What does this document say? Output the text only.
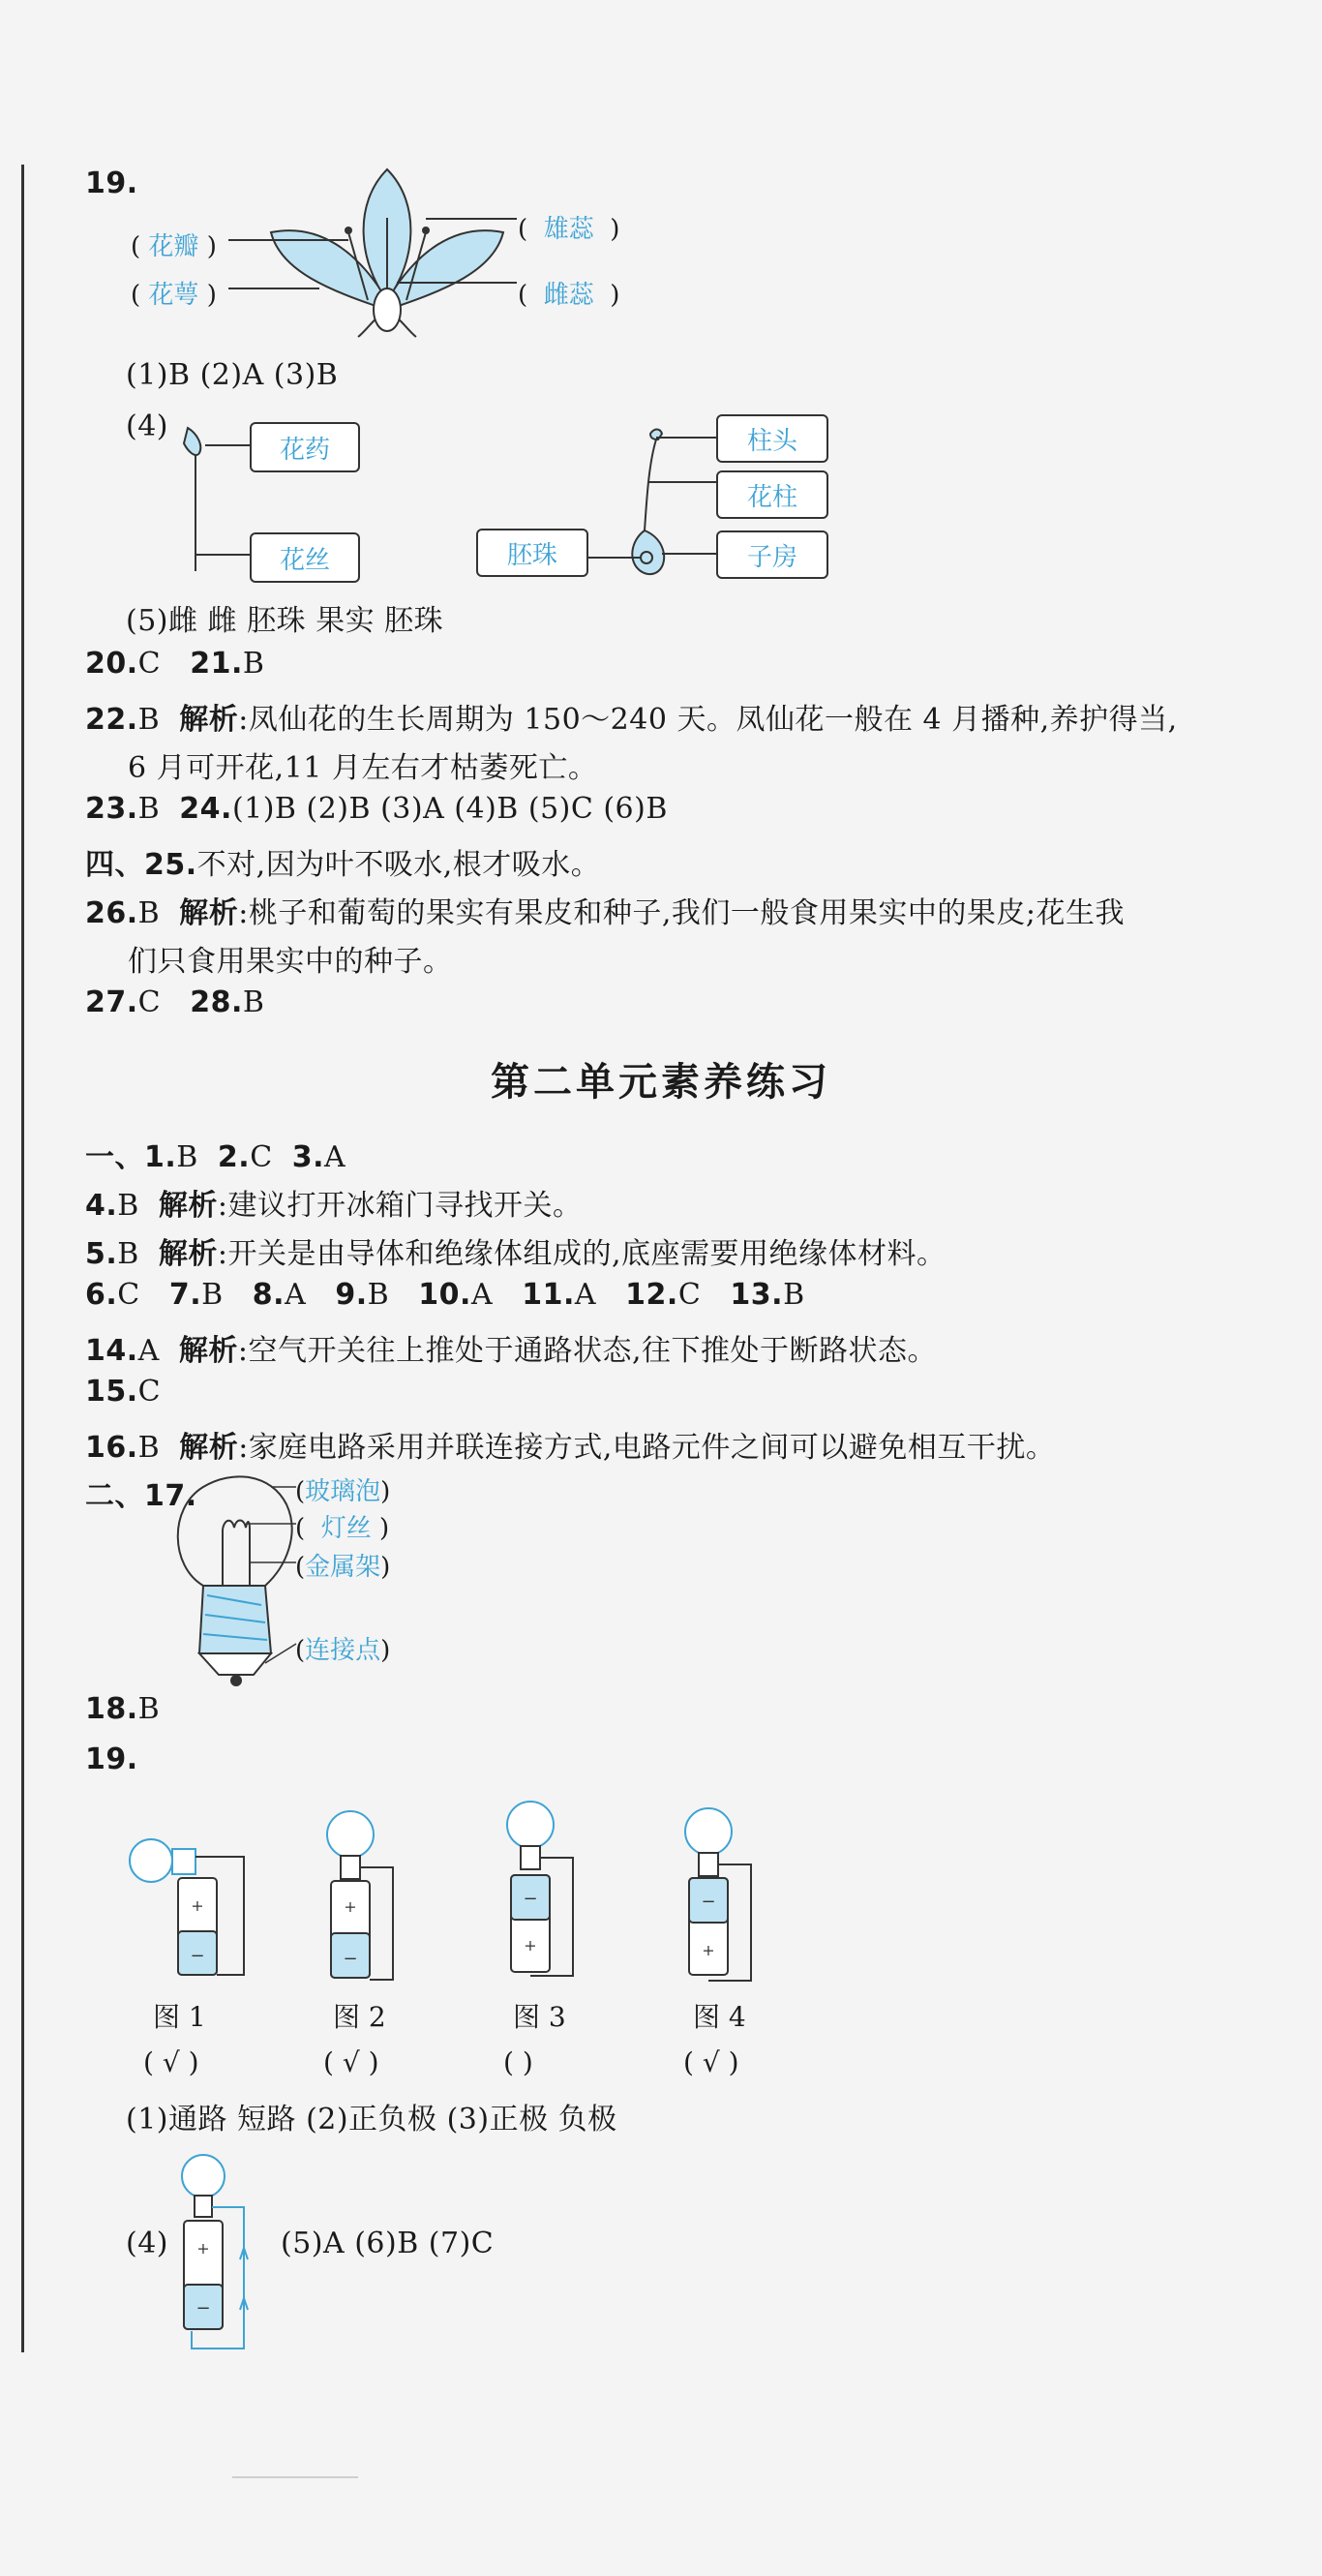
19.
( 花瓣 )
( 花萼 )
( 雄蕊 )
( 雌蕊 )
(1)B (2)A (3)B
(4)
花药
花丝
柱头
花柱
子房
胚珠
(5)雌 雌 胚珠 果实 胚珠
20.C 21.B
22.B 解析:凤仙花的生长周期为 150～240 天。凤仙花一般在 4 月播种,养护得当,
6 月可开花,11 月左右才枯萎死亡。
23.B 24.(1)B (2)B (3)A (4)B (5)C (6)B
四、25.不对,因为叶不吸水,根才吸水。
26.B 解析:桃子和葡萄的果实有果皮和种子,我们一般食用果实中的果皮;花生我
们只食用果实中的种子。
27.C 28.B
第二单元素养练习
一、1.B 2.C 3.A
4.B 解析:建议打开冰箱门寻找开关。
5.B 解析:开关是由导体和绝缘体组成的,底座需要用绝缘体材料。
6.C 7.B 8.A 9.B 10.A 11.A 12.C 13.B
14.A 解析:空气开关往上推处于通路状态,往下推处于断路状态。
15.C
16.B 解析:家庭电路采用并联连接方式,电路元件之间可以避免相互干扰。
二、17.	(玻璃泡)
( 灯丝 )
(金属架)
(连接点)
18.B
19.
+
−
+
−
−
+
−
+
图 1	图 2	图 3	图 4
( √ )	( √ )	( )	( √ )
(1)通路 短路 (2)正负极 (3)正极 负极
(4) +
−
(5)A (6)B (7)C
